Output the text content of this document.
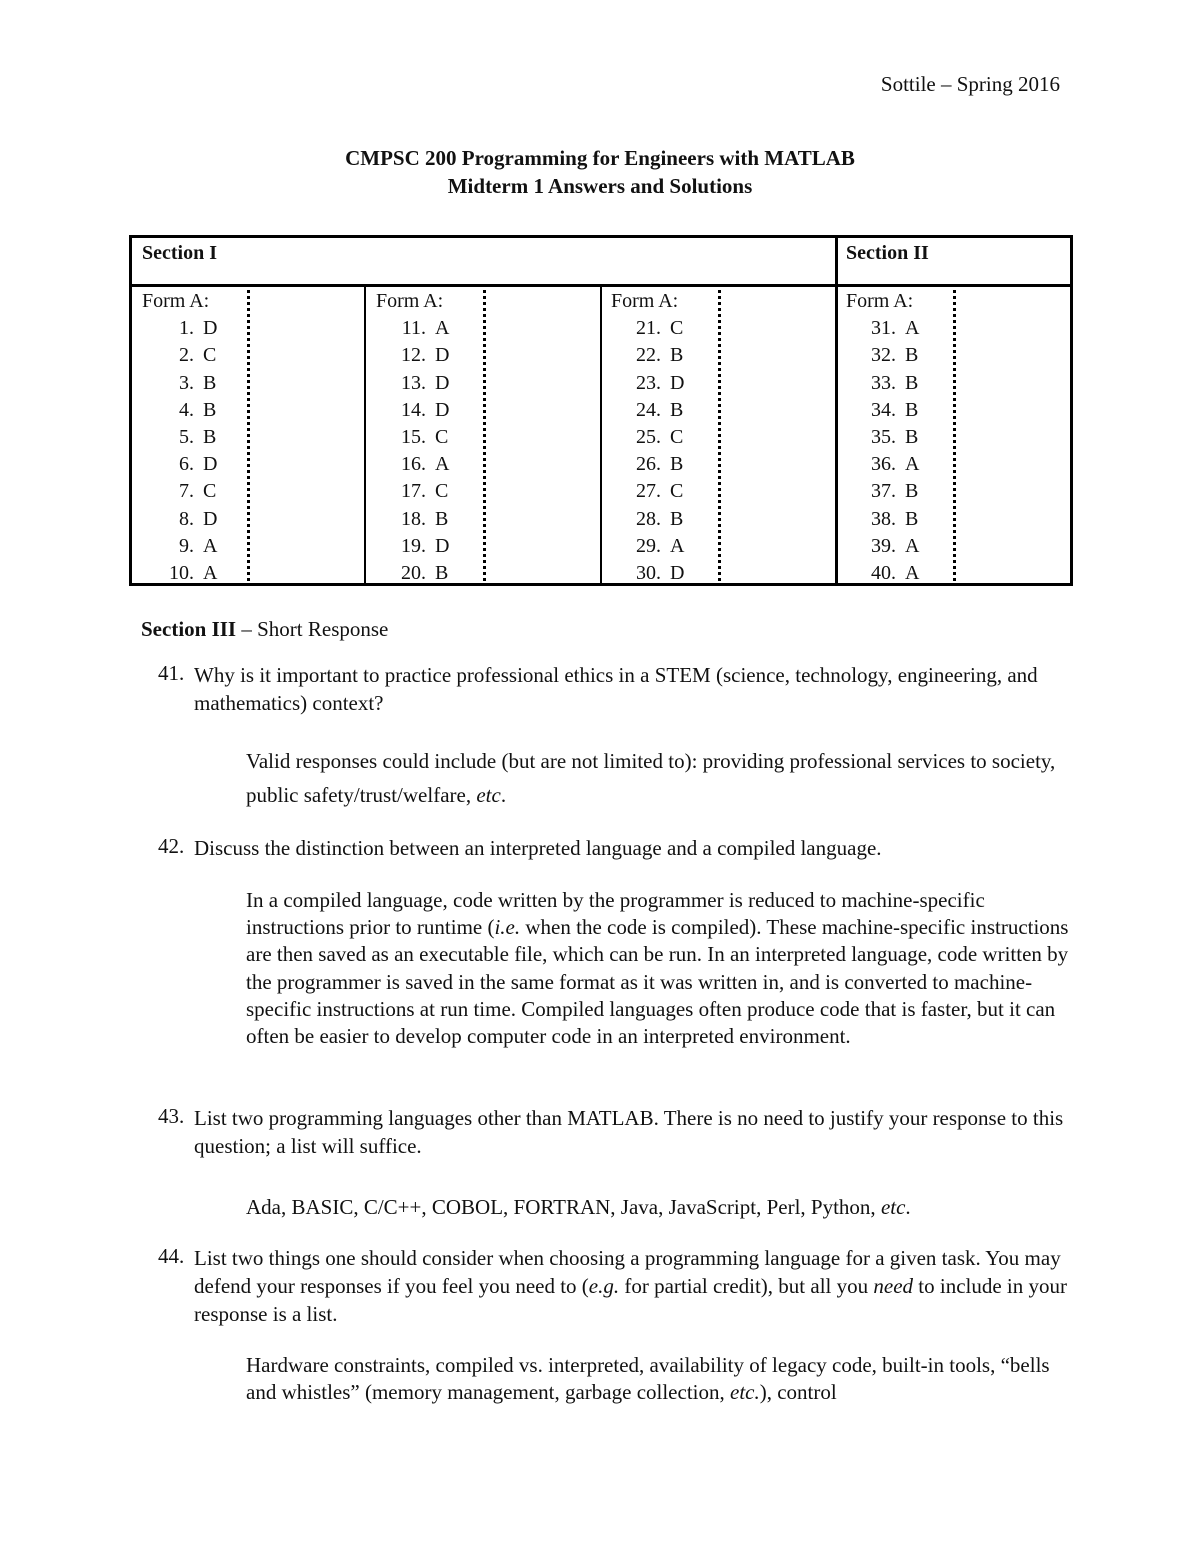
Sottile – Spring 2016
CMPSC 200 Programming for Engineers with MATLAB
Midterm 1 Answers and Solutions
Section I	Section II
Form A:
1. D
2. C
3. B
4. B
5. B
6. D
7. C
8. D
9. A
10. A
Form A:
11. A
12. D
13. D
14. D
15. C
16. A
17. C
18. B
19. D
20. B
Form A:
21. C
22. B
23. D
24. B
25. C
26. B
27. C
28. B
29. A
30. D
Form A:
31. A
32. B
33. B
34. B
35. B
36. A
37. B
38. B
39. A
40. A
Section III – Short Response
41. Why is it important to practice professional ethics in a STEM (science, technology, engineering, and mathematics) context?
Valid responses could include (but are not limited to): providing professional services to society, public safety/trust/welfare, etc.
42. Discuss the distinction between an interpreted language and a compiled language.
In a compiled language, code written by the programmer is reduced to machine-specific instructions prior to runtime (i.e. when the code is compiled). These machine-specific instructions are then saved as an executable file, which can be run. In an interpreted language, code written by the programmer is saved in the same format as it was written in, and is converted to machine-specific instructions at run time. Compiled languages often produce code that is faster, but it can often be easier to develop computer code in an interpreted environment.
43. List two programming languages other than MATLAB. There is no need to justify your response to this question; a list will suffice.
Ada, BASIC, C/C++, COBOL, FORTRAN, Java, JavaScript, Perl, Python, etc.
44. List two things one should consider when choosing a programming language for a given task. You may defend your responses if you feel you need to (e.g. for partial credit), but all you need to include in your response is a list.
Hardware constraints, compiled vs. interpreted, availability of legacy code, built-in tools, “bells and whistles” (memory management, garbage collection, etc.), control
